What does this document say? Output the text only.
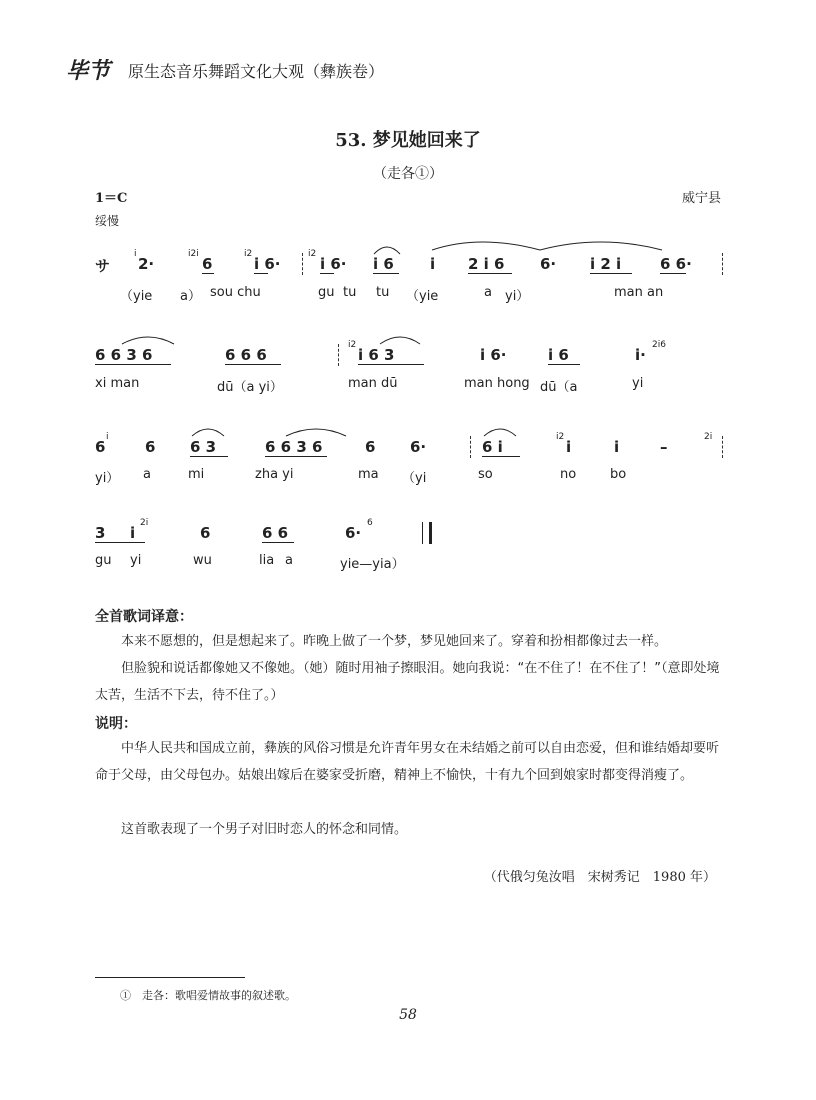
毕节 原生态音乐舞蹈文化大观（彝族卷）
53. 梦见她回来了
（走各①）
1＝C	威宁县
绥慢
サ
i
2·
i2i
6
i2
i 6·
i2
i 6· i 6 i 2 i 6 6· i 2 i	6 6·
（yie a） sou chu	gu tu tu （yie	a yi）	man an
6 6 3 6	6 6 6
i2
i 6 3	i 6·	i 6	i·
2i6
xi man	dū（a yi）	man dū	man hong dū（a	yi
6
i
6 6 3	6 6 3 6	6 6·	6 i
i2
i	i	–
2i
yi） a	mi	zha yi	ma （yi	so	no	bo
3 i
2i
6	6 6	6·
6
gu yi	wu	lia a	yie—yia）
全首歌词译意：
本来不愿想的，但是想起来了。昨晚上做了一个梦，梦见她回来了。穿着和扮相都像过去一样。
但脸貌和说话都像她又不像她。（她）随时用袖子擦眼泪。她向我说：“在不住了！在不住了！”（意即处境太苦，生活不下去，待不住了。）
说明：
中华人民共和国成立前，彝族的风俗习惯是允许青年男女在未结婚之前可以自由恋爱，但和谁结婚却要听命于父母，由父母包办。姑娘出嫁后在婆家受折磨，精神上不愉快，十有九个回到娘家时都变得消瘦了。
这首歌表现了一个男子对旧时恋人的怀念和同情。
（代俄匀兔汝唱　宋树秀记　1980 年）
①　走各：歌唱爱情故事的叙述歌。
58
